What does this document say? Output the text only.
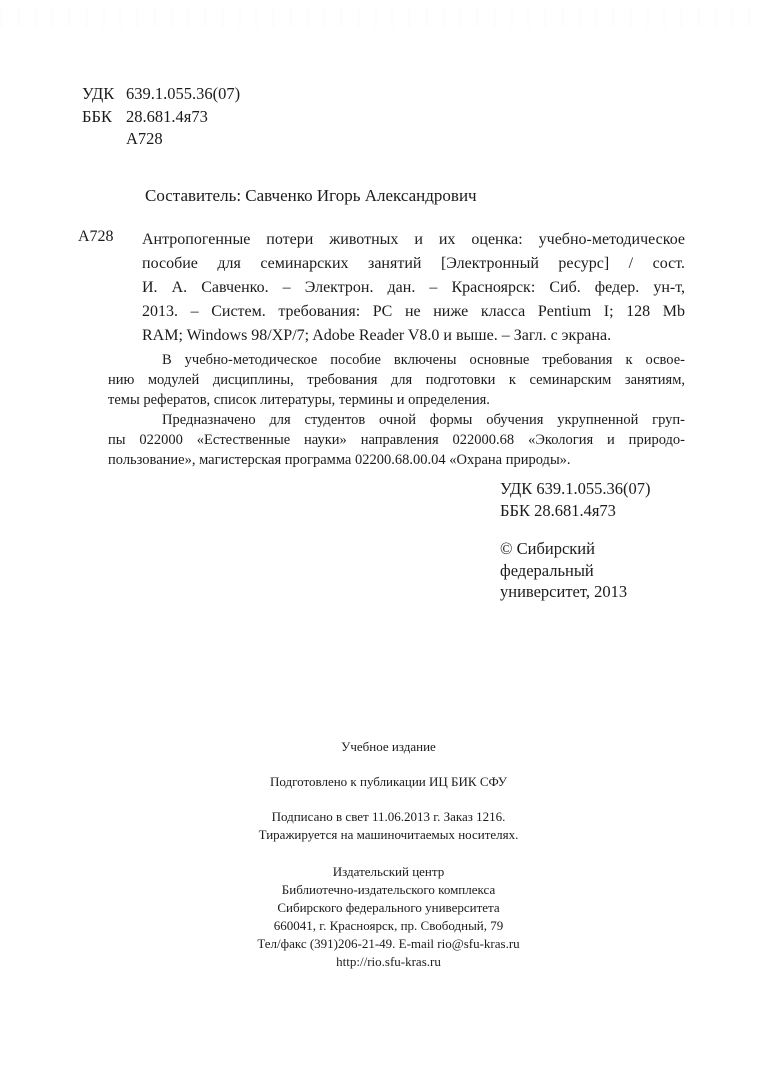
УДК 639.1.055.36(07)
ББК 28.681.4я73
А728
Составитель: Савченко Игорь Александрович
А728 Антропогенные потери животных и их оценка: учебно-методическое
пособие для семинарских занятий [Электронный ресурс] / сост.
И. А. Савченко. – Электрон. дан. – Красноярск: Сиб. федер. ун-т,
2013. – Систем. требования: PC не ниже класса Pentium I; 128 Mb
RAM; Windows 98/XP/7; Adobe Reader V8.0 и выше. – Загл. с экрана.
В учебно-методическое пособие включены основные требования к освое-
нию модулей дисциплины, требования для подготовки к семинарским занятиям,
темы рефератов, список литературы, термины и определения.
Предназначено для студентов очной формы обучения укрупненной груп-
пы 022000 «Естественные науки» направления 022000.68 «Экология и природо-
пользование», магистерская программа 02200.68.00.04 «Охрана природы».
УДК 639.1.055.36(07)
ББК 28.681.4я73
© Сибирский
федеральный
университет, 2013
Учебное издание
Подготовлено к публикации ИЦ БИК СФУ
Подписано в свет 11.06.2013 г. Заказ 1216.
Тиражируется на машиночитаемых носителях.
Издательский центр
Библиотечно-издательского комплекса
Сибирского федерального университета
660041, г. Красноярск, пр. Свободный, 79
Тел/факс (391)206-21-49. E-mail rio@sfu-kras.ru
http://rio.sfu-kras.ru
